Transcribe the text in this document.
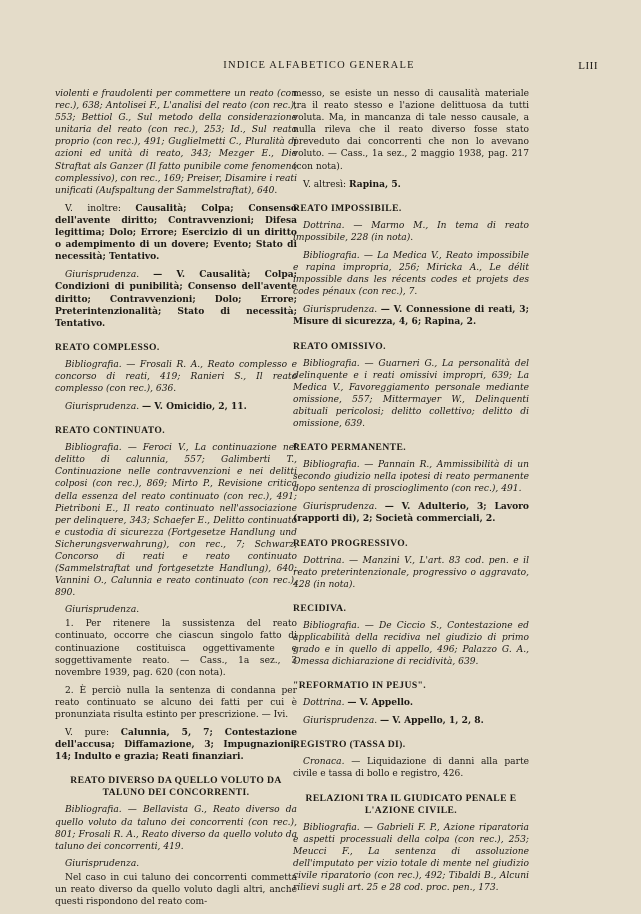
INDICE ALFABETICO GENERALE	LIII

violenti e fraudolenti per commettere un reato (con rec.), 638; Antolisei F., L'analisi del reato (con rec.), 553; Bettiol G., Sul metodo della considerazione unitaria del reato (con rec.), 253; Id., Sul reato proprio (con rec.), 491; Guglielmetti C., Pluralità di azioni ed unità di reato, 343; Mezger E., Die Straftat als Ganzer (Il fatto punibile come fenomeno complessivo), con rec., 169; Preiser, Disamire i reati unificati (Aufspaltung der Sammelstraftat), 640.

V. inoltre: Causalità; Colpa; Consenso dell'avente diritto; Contravvenzioni; Difesa legittima; Dolo; Errore; Esercizio di un diritto o adempimento di un dovere; Evento; Stato di necessità; Tentativo.

Giurisprudenza. — V. Causalità; Colpa; Condizioni di punibilità; Consenso dell'avente diritto; Contravvenzioni; Dolo; Errore; Preterintenzionalità; Stato di necessità; Tentativo.

REATO COMPLESSO.

Bibliografia. — Frosali R. A., Reato complesso e concorso di reati, 419; Ranieri S., Il reato complesso (con rec.), 636.

Giurisprudenza. — V. Omicidio, 2, 11.

REATO CONTINUATO.

Bibliografia. — Feroci V., La continuazione nel delitto di calunnia, 557; Galimberti T., Continuazione nelle contravvenzioni e nei delitti colposi (con rec.), 869; Mirto P., Revisione critica della essenza del reato continuato (con rec.), 491; Pietriboni E., Il reato continuato nell'associazione per delinquere, 343; Schaefer E., Delitto continuato e custodia di sicurezza (Fortgesetze Handlung und Sicherungsverwahrung), con rec., 7; Schwarz, Concorso di reati e reato continuato (Sammelstraftat und fortgesetzte Handlung), 640; Vannini O., Calunnia e reato continuato (con rec.), 890.

Giurisprudenza.

1. Per ritenere la sussistenza del reato continuato, occorre che ciascun singolo fatto di continuazione costituisca oggettivamente e soggettivamente reato. — Cass., 1a sez., 3 novembre 1939, pag. 620 (con nota).

2. È perciò nulla la sentenza di condanna per reato continuato se alcuno dei fatti per cui è pronunziata risulta estinto per prescrizione. — Ivi.

V. pure: Calunnia, 5, 7; Contestazione dell'accusa; Diffamazione, 3; Impugnazioni, 14; Indulto e grazia; Reati finanziari.

REATO DIVERSO DA QUELLO VOLUTO DA TALUNO DEI CONCORRENTI.

Bibliografia. — Bellavista G., Reato diverso da quello voluto da taluno dei concorrenti (con rec.), 801; Frosali R. A., Reato diverso da quello voluto da taluno dei concorrenti, 419.

Giurisprudenza.

Nel caso in cui taluno dei concorrenti commetta un reato diverso da quello voluto dagli altri, anche questi rispondono del reato com-

messo, se esiste un nesso di causalità materiale tra il reato stesso e l'azione delittuosa da tutti voluta. Ma, in mancanza di tale nesso causale, a nulla rileva che il reato diverso fosse stato preveduto dai concorrenti che non lo avevano voluto. — Cass., 1a sez., 2 maggio 1938, pag. 217 (con nota).

V. altresì: Rapina, 5.

REATO IMPOSSIBILE.

Dottrina. — Marmo M., In tema di reato impossibile, 228 (in nota).

Bibliografia. — La Medica V., Reato impossibile e rapina impropria, 256; Miricka A., Le délit impossible dans les récents codes et projets des codes pénaux (con rec.), 7.

Giurisprudenza. — V. Connessione di reati, 3; Misure di sicurezza, 4, 6; Rapina, 2.

REATO OMISSIVO.

Bibliografia. — Guarneri G., La personalità del delinquente e i reati omissivi impropri, 639; La Medica V., Favoreggiamento personale mediante omissione, 557; Mittermayer W., Delinquenti abituali pericolosi; delitto collettivo; delitto di omissione, 639.

REATO PERMANENTE.

Bibliografia. — Pannain R., Ammissibilità di un secondo giudizio nella ipotesi di reato permanente dopo sentenza di proscioglimento (con rec.), 491.

Giurisprudenza. — V. Adulterio, 3; Lavoro (rapporti di), 2; Società commerciali, 2.

REATO PROGRESSIVO.

Dottrina. — Manzini V., L'art. 83 cod. pen. e il reato preterintenzionale, progressivo o aggravato, 428 (in nota).

RECIDIVA.

Bibliografia. — De Ciccio S., Contestazione ed applicabilità della recidiva nel giudizio di primo grado e in quello di appello, 496; Palazzo G. A., Omessa dichiarazione di recidività, 639.

"REFORMATIO IN PEJUS".

Dottrina. — V. Appello.

Giurisprudenza. — V. Appello, 1, 2, 8.

REGISTRO (TASSA DI).

Cronaca. — Liquidazione di danni alla parte civile e tassa di bollo e registro, 426.

RELAZIONI TRA IL GIUDICATO PENALE E L'AZIONE CIVILE.

Bibliografia. — Gabrieli F. P., Azione riparatoria e aspetti processuali della colpa (con rec.), 253; Meucci F., La sentenza di assoluzione dell'imputato per vizio totale di mente nel giudizio civile riparatorio (con rec.), 492; Tibaldi B., Alcuni rilievi sugli art. 25 e 28 cod. proc. pen., 173.
